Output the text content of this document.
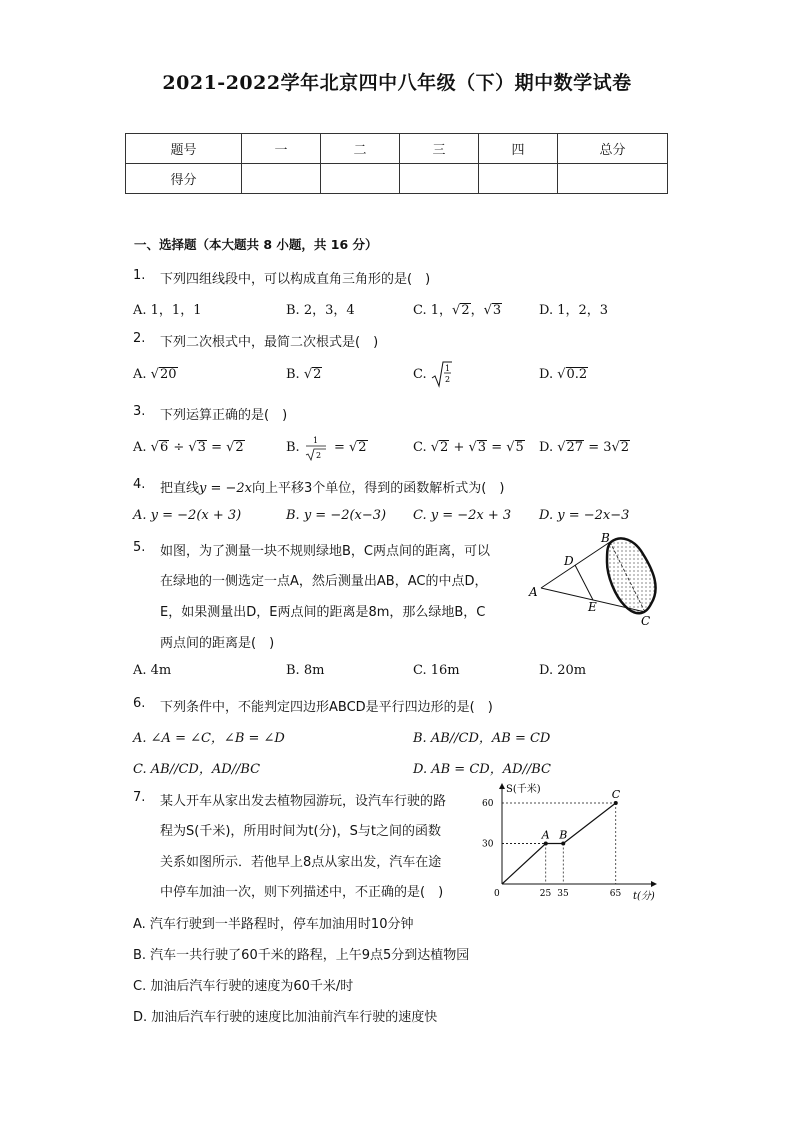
2021-2022学年北京四中八年级（下）期中数学试卷
题号	一	二	三	四	总分
得分					
一、选择题（本大题共 8 小题，共 16 分）
1. 下列四组线段中，可以构成直角三角形的是(　)
A. 1，1，1	B. 2，3，4	C. 1，√2，√3	D. 1，2，3
2. 下列二次根式中，最简二次根式是(　)
A. √20	B. √2	C. 1
2	D. √0.2
3. 下列运算正确的是(　)
A. √6 ÷ √3 = √2	B. 1
2
= √2	C. √2 + √3 = √5 D. √27 = 3√2
4. 把直线y = −2x向上平移3个单位，得到的函数解析式为(　)
A. y = −2(x + 3)	B. y = −2(x−3) C. y = −2x + 3 D. y = −2x−3
5. 如图，为了测量一块不规则绿地B，C两点间的距离，可以
在绿地的一侧选定一点A，然后测量出AB，AC的中点D，
E，如果测量出D，E两点间的距离是8m，那么绿地B，C
两点间的距离是(　)
B
D
A
E
C
A. 4m	B. 8m	C. 16m	D. 20m
6. 下列条件中，不能判定四边形ABCD是平行四边形的是(　)
A. ∠A = ∠C，∠B = ∠D	B. AB//CD，AB = CD
C. AB//CD，AD//BC	D. AB = CD，AD//BC
7. 某人开车从家出发去植物园游玩，设汽车行驶的路
程为S(千米)，所用时间为t(分)，S与t之间的函数
关系如图所示．若他早上8点从家出发，汽车在途
中停车加油一次，则下列描述中，不正确的是(　)
S(千米)
t(分)
0
30
60
25 35	65
A B
C
A. 汽车行驶到一半路程时，停车加油用时10分钟
B. 汽车一共行驶了60千米的路程，上午9点5分到达植物园
C. 加油后汽车行驶的速度为60千米/时
D. 加油后汽车行驶的速度比加油前汽车行驶的速度快
